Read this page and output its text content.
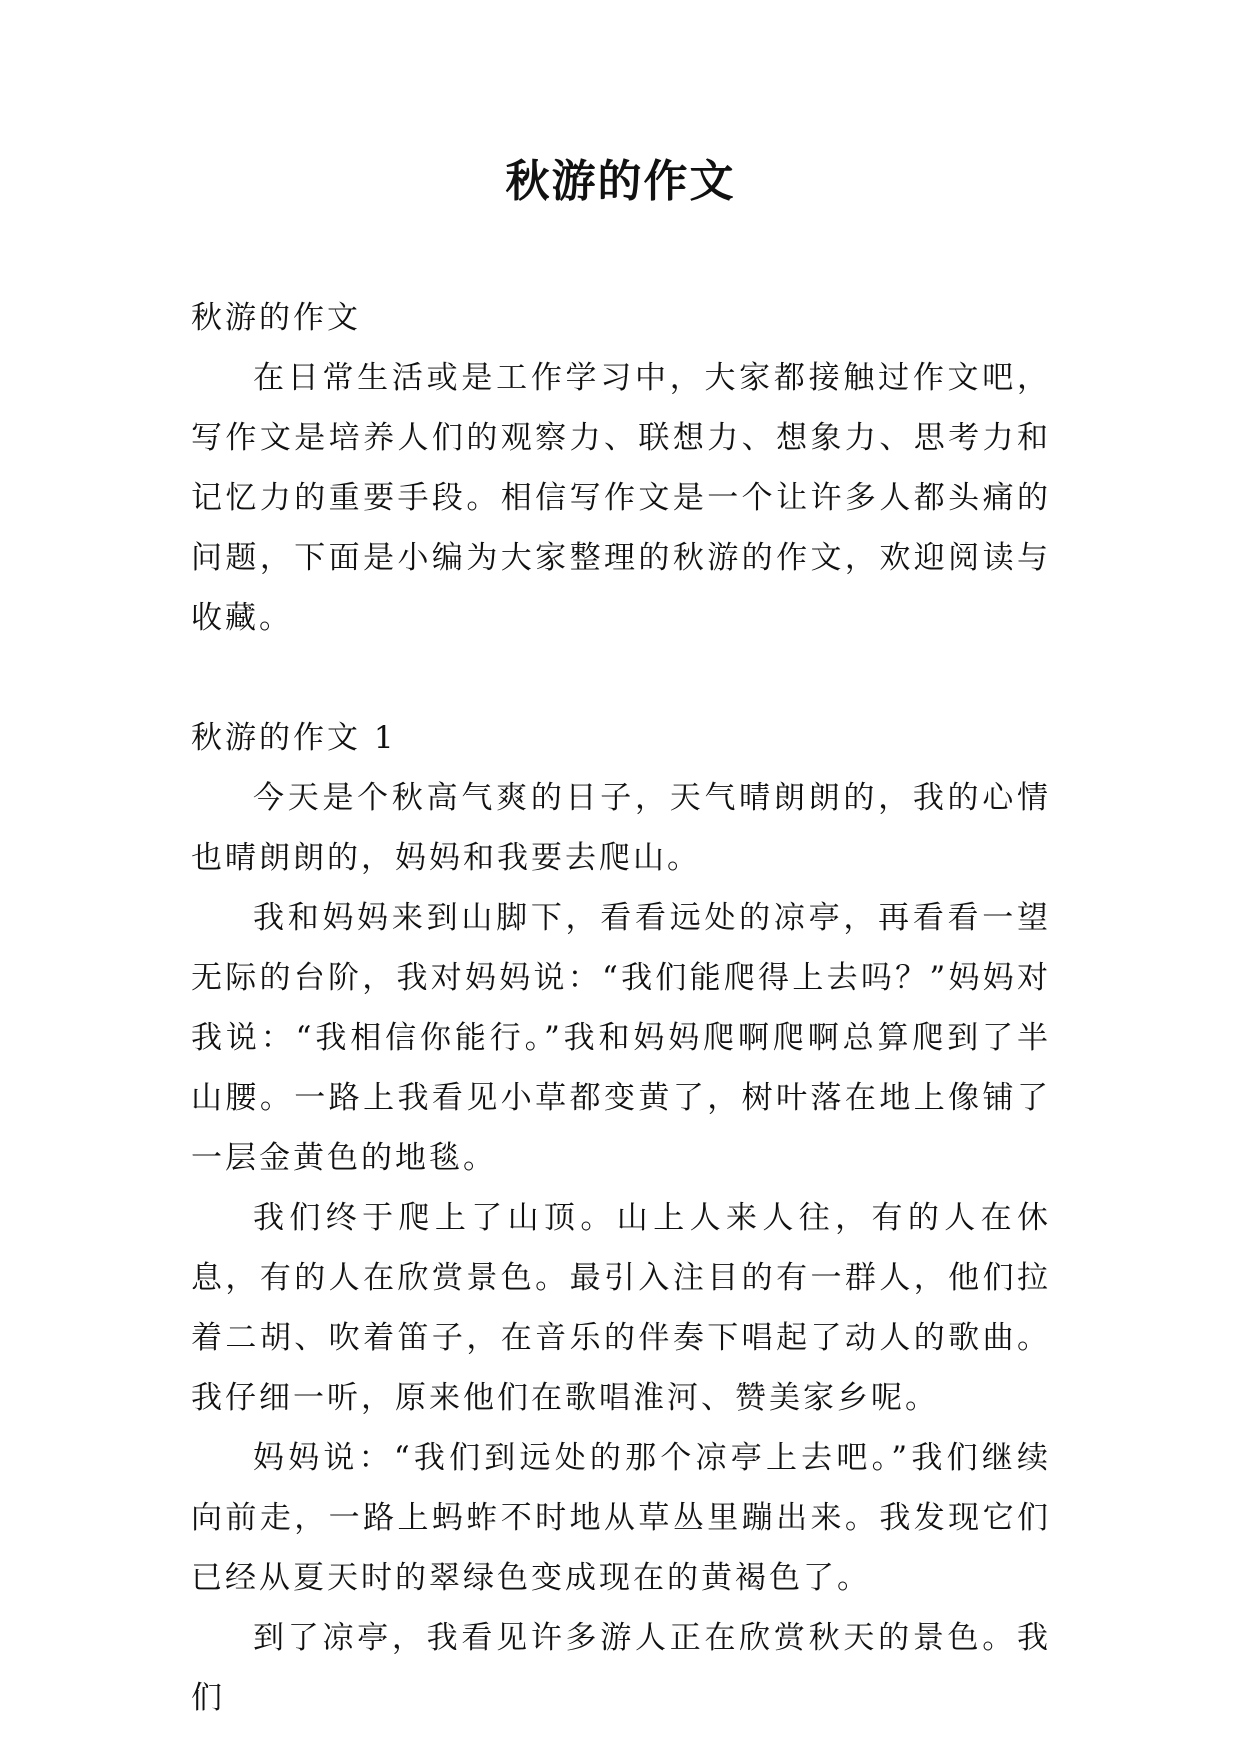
秋游的作文

秋游的作文

在日常生活或是工作学习中，大家都接触过作文吧，写作文是培养人们的观察力、联想力、想象力、思考力和记忆力的重要手段。相信写作文是一个让许多人都头痛的问题，下面是小编为大家整理的秋游的作文，欢迎阅读与收藏。

秋游的作文 1

今天是个秋高气爽的日子，天气晴朗朗的，我的心情也晴朗朗的，妈妈和我要去爬山。

我和妈妈来到山脚下，看看远处的凉亭，再看看一望无际的台阶，我对妈妈说：“我们能爬得上去吗？”妈妈对我说：“我相信你能行。”我和妈妈爬啊爬啊总算爬到了半山腰。一路上我看见小草都变黄了，树叶落在地上像铺了一层金黄色的地毯。

我们终于爬上了山顶。山上人来人往，有的人在休息，有的人在欣赏景色。最引入注目的有一群人，他们拉着二胡、吹着笛子，在音乐的伴奏下唱起了动人的歌曲。我仔细一听，原来他们在歌唱淮河、赞美家乡呢。

妈妈说：“我们到远处的那个凉亭上去吧。”我们继续向前走，一路上蚂蚱不时地从草丛里蹦出来。我发现它们已经从夏天时的翠绿色变成现在的黄褐色了。

到了凉亭，我看见许多游人正在欣赏秋天的景色。我们
